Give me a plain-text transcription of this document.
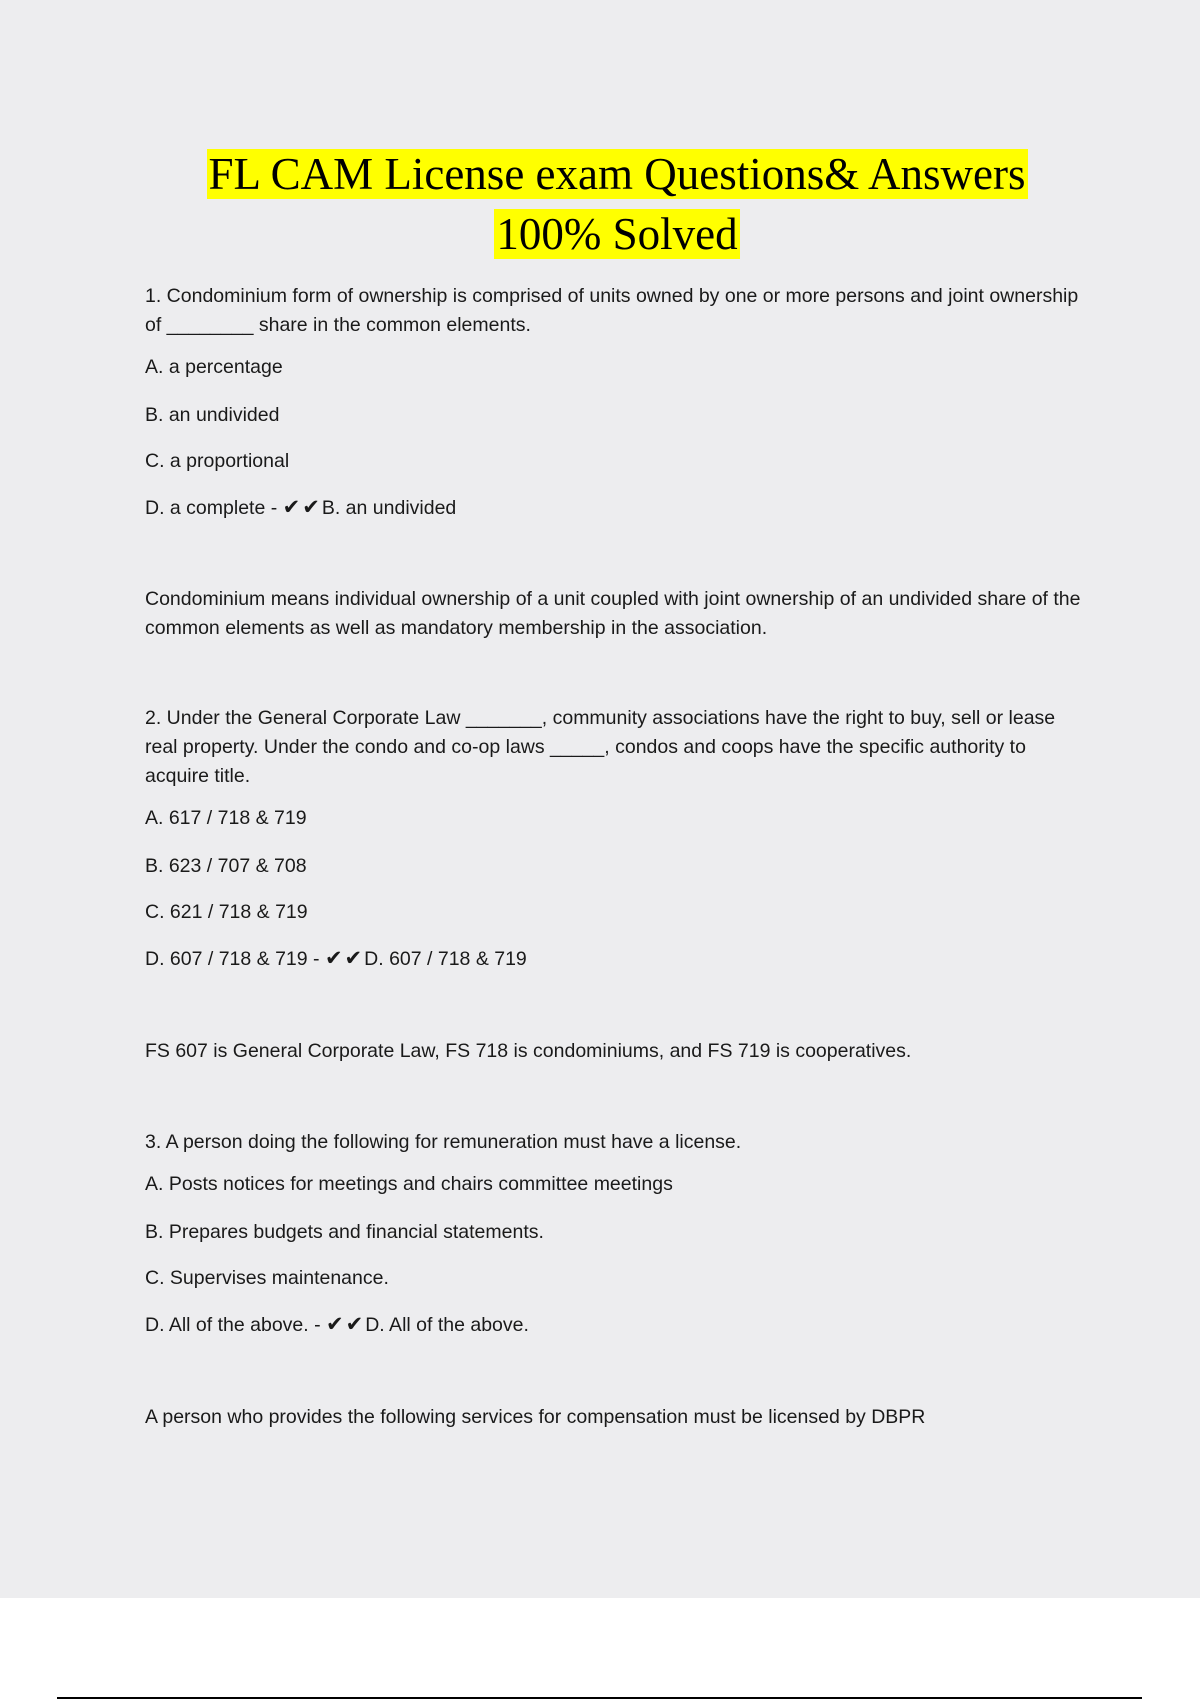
FL CAM License exam Questions& Answers
100% Solved

1. Condominium form of ownership is comprised of units owned by one or more persons and joint ownership of ________ share in the common elements.

A. a percentage

B. an undivided

C. a proportional

D. a complete - ✔✔B. an undivided

Condominium means individual ownership of a unit coupled with joint ownership of an undivided share of the common elements as well as mandatory membership in the association.

2. Under the General Corporate Law _______, community associations have the right to buy, sell or lease real property. Under the condo and co-op laws _____, condos and coops have the specific authority to acquire title.

A. 617 / 718 & 719

B. 623 / 707 & 708

C. 621 / 718 & 719

D. 607 / 718 & 719 - ✔✔D. 607 / 718 & 719

FS 607 is General Corporate Law, FS 718 is condominiums, and FS 719 is cooperatives.

3. A person doing the following for remuneration must have a license.

A. Posts notices for meetings and chairs committee meetings

B. Prepares budgets and financial statements.

C. Supervises maintenance.

D. All of the above. - ✔✔D. All of the above.

A person who provides the following services for compensation must be licensed by DBPR
